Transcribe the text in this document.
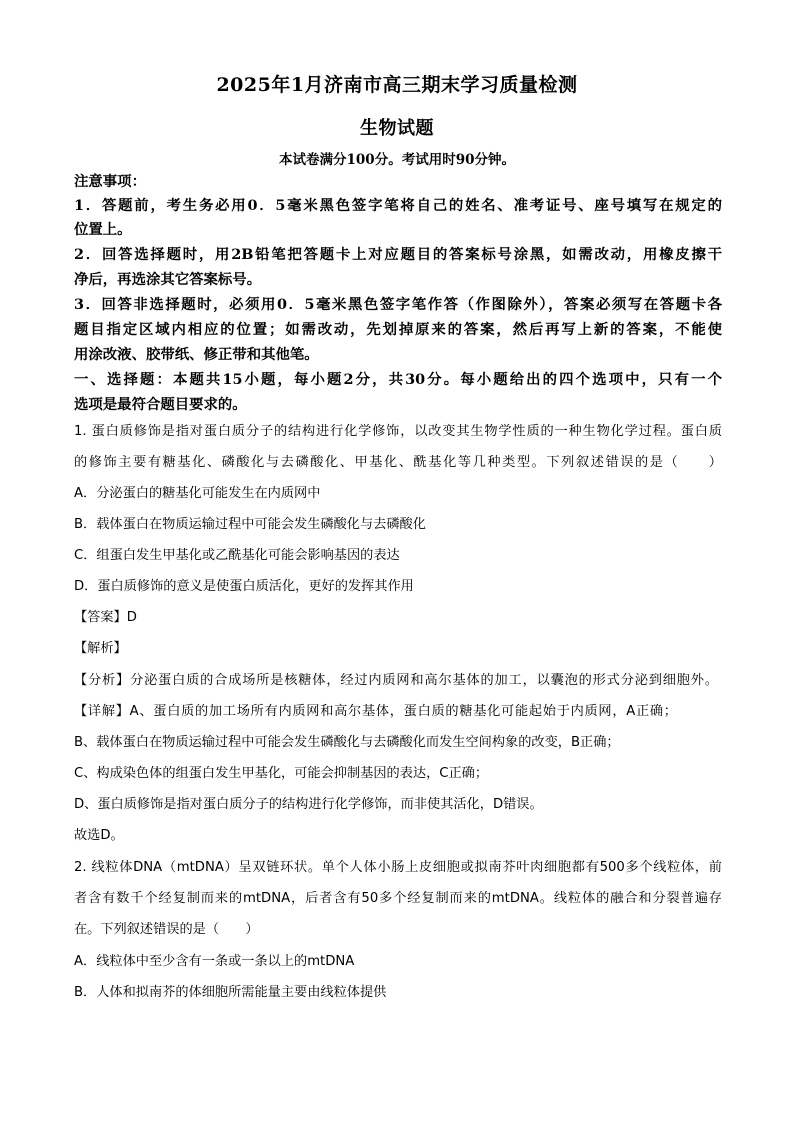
2025年1月济南市高三期末学习质量检测
生物试题
本试卷满分100分。考试用时90分钟。
注意事项：
1．答题前，考生务必用0．5毫米黑色签字笔将自己的姓名、准考证号、座号填写在规定的
位置上。
2．回答选择题时，用2B铅笔把答题卡上对应题目的答案标号涂黑，如需改动，用橡皮擦干
净后，再选涂其它答案标号。
3．回答非选择题时，必须用0．5毫米黑色签字笔作答（作图除外），答案必须写在答题卡各
题目指定区域内相应的位置；如需改动，先划掉原来的答案，然后再写上新的答案，不能使
用涂改液、胶带纸、修正带和其他笔。
一、选择题：本题共15小题，每小题2分，共30分。每小题给出的四个选项中，只有一个
选项是最符合题目要求的。
1. 蛋白质修饰是指对蛋白质分子的结构进行化学修饰，以改变其生物学性质的一种生物化学过程。蛋白质
的修饰主要有糖基化、磷酸化与去磷酸化、甲基化、酰基化等几种类型。下列叙述错误的是（　　）
A．分泌蛋白的糖基化可能发生在内质网中
B．载体蛋白在物质运输过程中可能会发生磷酸化与去磷酸化
C．组蛋白发生甲基化或乙酰基化可能会影响基因的表达
D．蛋白质修饰的意义是使蛋白质活化，更好的发挥其作用
【答案】D
【解析】
【分析】分泌蛋白质的合成场所是核糖体，经过内质网和高尔基体的加工，以囊泡的形式分泌到细胞外。
【详解】A、蛋白质的加工场所有内质网和高尔基体，蛋白质的糖基化可能起始于内质网，A正确；
B、载体蛋白在物质运输过程中可能会发生磷酸化与去磷酸化而发生空间构象的改变，B正确；
C、构成染色体的组蛋白发生甲基化，可能会抑制基因的表达，C正确；
D、蛋白质修饰是指对蛋白质分子的结构进行化学修饰，而非使其活化，D错误。
故选D。
2. 线粒体DNA（mtDNA）呈双链环状。单个人体小肠上皮细胞或拟南芥叶肉细胞都有500多个线粒体，前
者含有数千个经复制而来的mtDNA，后者含有50多个经复制而来的mtDNA。线粒体的融合和分裂普遍存
在。下列叙述错误的是（　　）
A．线粒体中至少含有一条或一条以上的mtDNA
B．人体和拟南芥的体细胞所需能量主要由线粒体提供
